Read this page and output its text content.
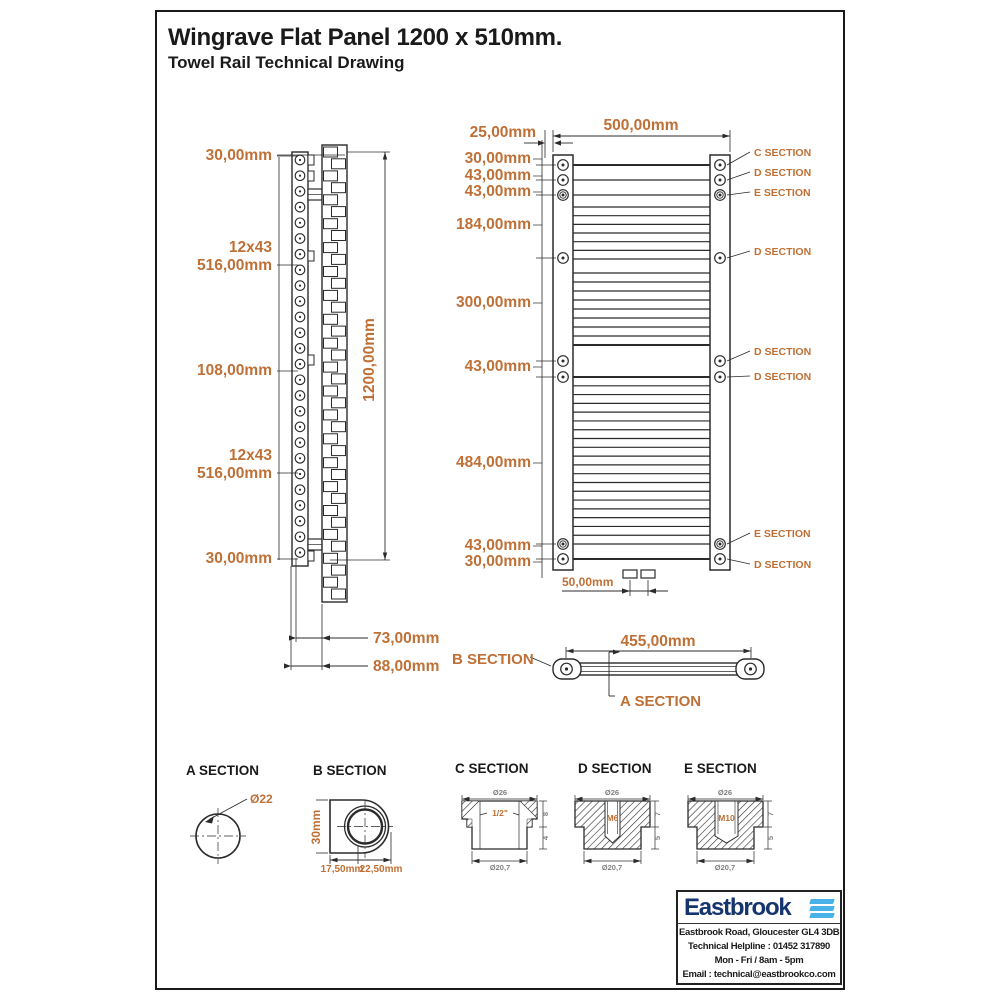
Wingrave Flat Panel 1200 x 510mm.
Towel Rail Technical Drawing
30,00mm
12x43
516,00mm
108,00mm
12x43
516,00mm
30,00mm
1200,00mm
73,00mm
88,00mm
25,00mm	500,00mm
30,00mm
43,00mm
43,00mm
184,00mm
300,00mm
43,00mm
484,00mm
43,00mm
30,00mm
50,00mm
C SECTION
D SECTION
E SECTION
D SECTION
D SECTION
D SECTION
E SECTION
D SECTION
455,00mm
B SECTION
A SECTION
A SECTION
Ø22
B SECTION
30mm
17,50mm
22,50mm
C SECTION
Ø26
1/2"
Ø20,7
8
4
D SECTION
Ø26
M6
Ø20,7
7
5
E SECTION
Ø26
M10
Ø20,7
7
5
Eastbrook
Eastbrook Road, Gloucester GL4 3DB
Technical Helpline : 01452 317890
Mon - Fri / 8am - 5pm
Email : technical@eastbrookco.com
